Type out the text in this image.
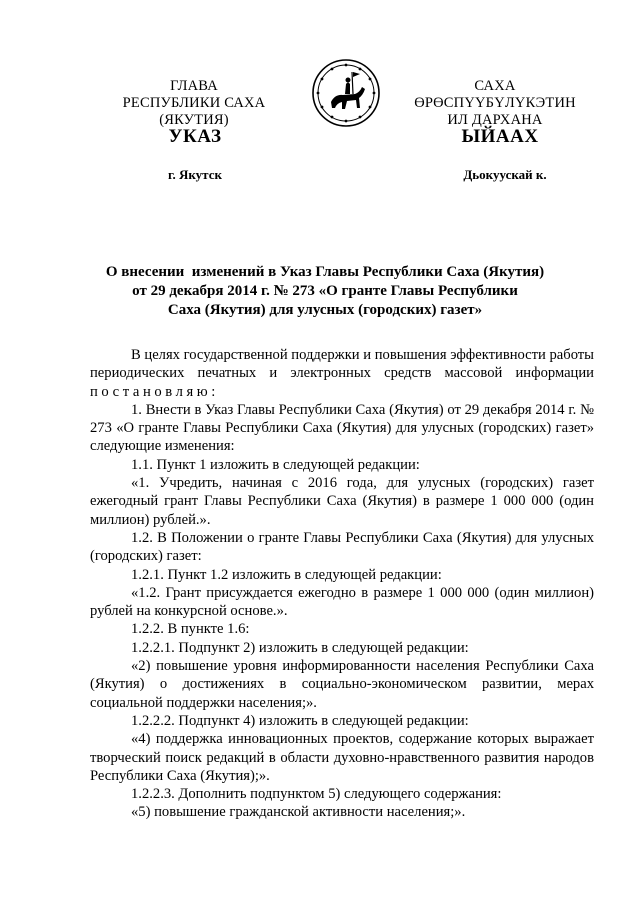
ГЛАВА
РЕСПУБЛИКИ САХА (ЯКУТИЯ)
САХА ӨРӨСПҮҮБҮЛҮКЭТИН
ИЛ ДАРХАНА
УКАЗ	ЫЙААХ
г. Якутск	Дьокуускай к.
О внесении  изменений в Указ Главы Республики Саха (Якутия)
от 29 декабря 2014 г. № 273 «О гранте Главы Республики
Саха (Якутия) для улусных (городских) газет»

В целях государственной поддержки и повышения эффективности работы периодических печатных и электронных средств массовой информации постановляю:

1. Внести в Указ Главы Республики Саха (Якутия) от 29 декабря 2014 г. № 273 «О гранте Главы Республики Саха (Якутия) для улусных (городских) газет» следующие изменения:

1.1. Пункт 1 изложить в следующей редакции:

«1. Учредить, начиная с 2016 года, для улусных (городских) газет ежегодный грант Главы Республики Саха (Якутия) в размере 1 000 000 (один миллион) рублей.».

1.2. В Положении о гранте Главы Республики Саха (Якутия) для улусных (городских) газет:

1.2.1. Пункт 1.2 изложить в следующей редакции:

«1.2. Грант присуждается ежегодно в размере 1 000 000 (один миллион) рублей на конкурсной основе.».

1.2.2. В пункте 1.6:

1.2.2.1. Подпункт 2) изложить в следующей редакции:

«2) повышение уровня информированности населения Республики Саха (Якутия) о достижениях в социально-экономическом развитии, мерах социальной поддержки населения;».

1.2.2.2. Подпункт 4) изложить в следующей редакции:

«4) поддержка инновационных проектов, содержание которых выражает творческий поиск редакций в области духовно-нравственного развития народов Республики Саха (Якутия);».

1.2.2.3. Дополнить подпунктом 5) следующего содержания:

«5) повышение гражданской активности населения;».
